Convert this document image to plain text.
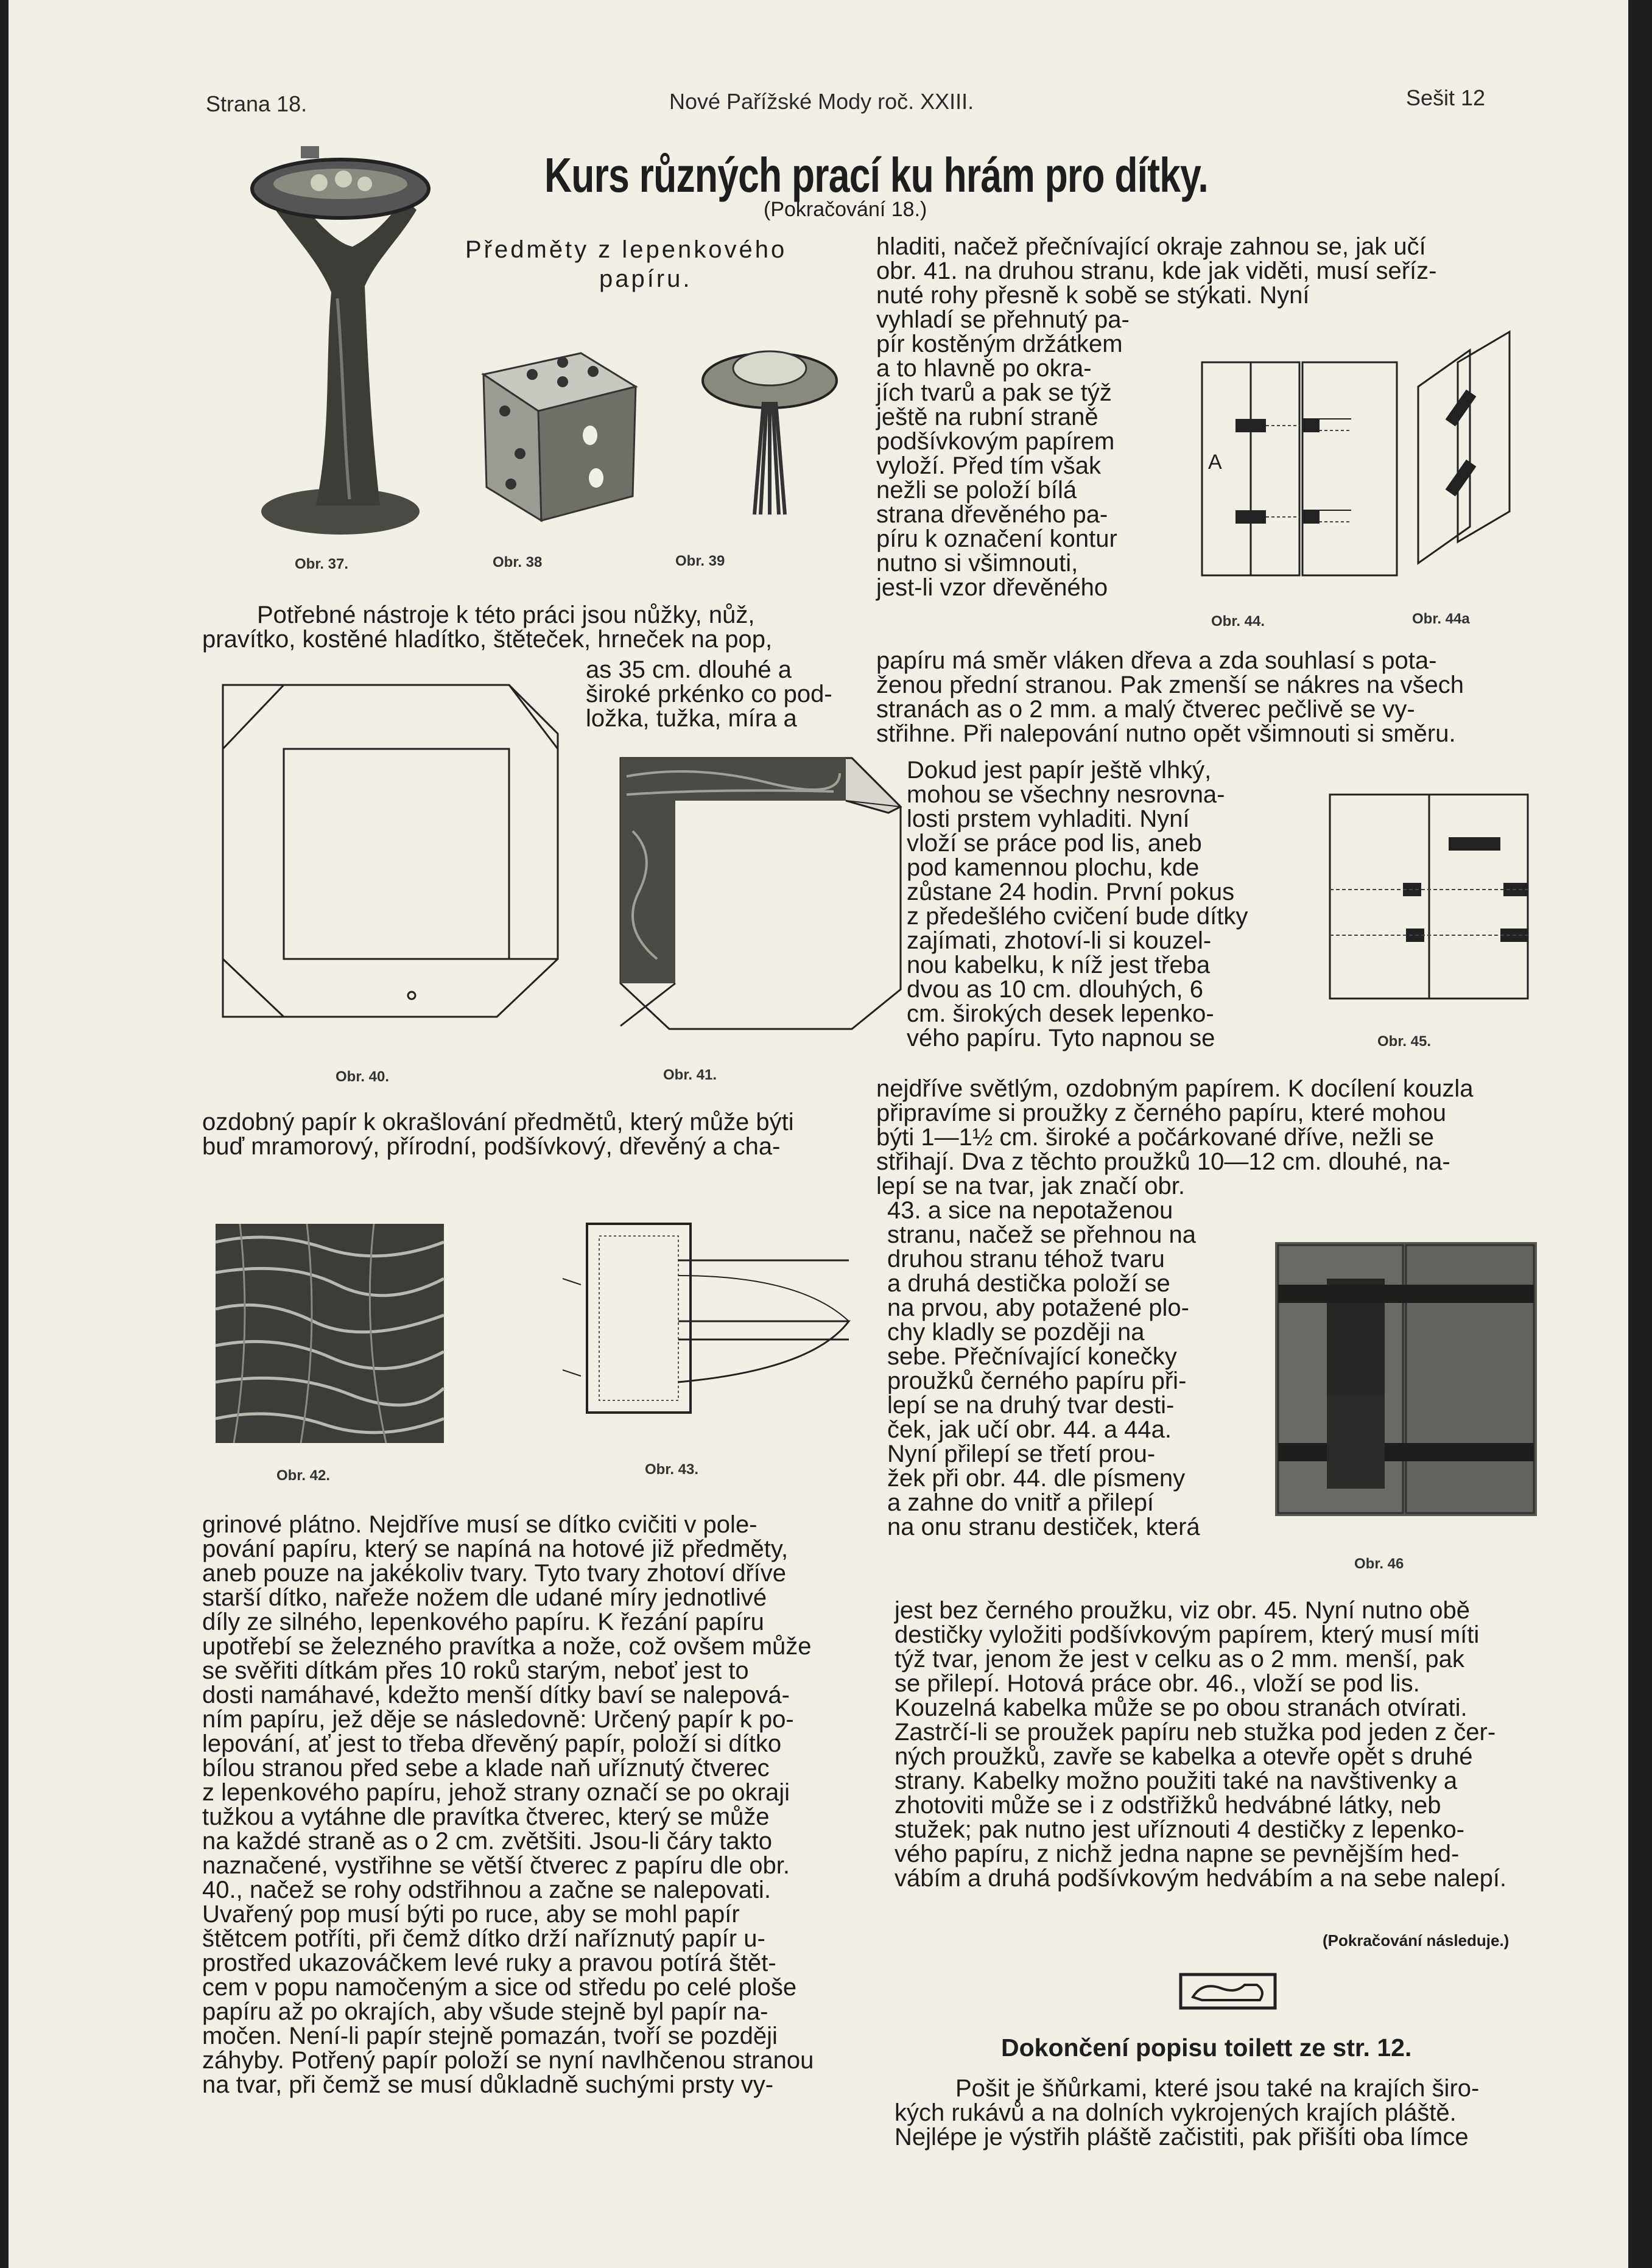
Strana 18.	Nové Pařížské Mody roč. XXIII.	Sešit 12
Kurs různých prací ku hrám pro dítky.
(Pokračování 18.)
Předměty z lepenkového
papíru.
Obr. 37.	Obr. 38	Obr. 39
Potřebné nástroje k této práci jsou nůžky, nůž,
pravítko, kostěné hladítko, štěteček, hrneček na pop,
as 35 cm. dlouhé a
široké prkénko co pod-
ložka, tužka, míra a
Obr. 40.	Obr. 41.
ozdobný papír k okrašlování předmětů, který může býti
buď mramorový, přírodní, podšívkový, dřevěný a cha-
Obr. 42.	Obr. 43.
grinové plátno. Nejdříve musí se dítko cvičiti v pole-
pování papíru, který se napíná na hotové již předměty,
aneb pouze na jakékoliv tvary. Tyto tvary zhotoví dříve
starší dítko, nařeže nožem dle udané míry jednotlivé
díly ze silného, lepenkového papíru. K řezání papíru
upotřebí se železného pravítka a nože, což ovšem může
se svěřiti dítkám přes 10 roků starým, neboť jest to
dosti namáhavé, kdežto menší dítky baví se nalepová-
ním papíru, jež děje se následovně: Určený papír k po-
lepování, ať jest to třeba dřevěný papír, položí si dítko
bílou stranou před sebe a klade naň uříznutý čtverec
z lepenkového papíru, jehož strany označí se po okraji
tužkou a vytáhne dle pravítka čtverec, který se může
na každé straně as o 2 cm. zvětšiti. Jsou-li čáry takto
naznačené, vystřihne se větší čtverec z papíru dle obr.
40., načež se rohy odstřihnou a začne se nalepovati.
Uvařený pop musí býti po ruce, aby se mohl papír
štětcem potříti, při čemž dítko drží naříznutý papír u-
prostřed ukazováčkem levé ruky a pravou potírá štět-
cem v popu namočeným a sice od středu po celé ploše
papíru až po okrajích, aby všude stejně byl papír na-
močen. Není-li papír stejně pomazán, tvoří se později
záhyby. Potřený papír položí se nyní navlhčenou stranou
na tvar, při čemž se musí důkladně suchými prsty vy-
hladiti, načež přečnívající okraje zahnou se, jak učí
obr. 41. na druhou stranu, kde jak viděti, musí seříz-
nuté rohy přesně k sobě se stýkati. Nyní
vyhladí se přehnutý pa-
pír kostěným držátkem
a to hlavně po okra-
jích tvarů a pak se týž
ještě na rubní straně
podšívkovým papírem
vyloží. Před tím však
nežli se položí bílá
strana dřevěného pa-
píru k označení kontur
nutno si všimnouti,
jest-li vzor dřevěného
A
Obr. 44.	Obr. 44a
papíru má směr vláken dřeva a zda souhlasí s pota-
ženou přední stranou. Pak zmenší se nákres na všech
stranách as o 2 mm. a malý čtverec pečlivě se vy-
střihne. Při nalepování nutno opět všimnouti si směru.
Dokud jest papír ještě vlhký,
mohou se všechny nesrovna-
losti prstem vyhladiti. Nyní
vloží se práce pod lis, aneb
pod kamennou plochu, kde
zůstane 24 hodin. První pokus
z předešlého cvičení bude dítky
zajímati, zhotoví-li si kouzel-
nou kabelku, k níž jest třeba
dvou as 10 cm. dlouhých, 6
cm. širokých desek lepenko-
vého papíru. Tyto napnou se	Obr. 45.
nejdříve světlým, ozdobným papírem. K docílení kouzla
připravíme si proužky z černého papíru, které mohou
býti 1—1½ cm. široké a počárkované dříve, nežli se
střihají. Dva z těchto proužků 10—12 cm. dlouhé, na-
lepí se na tvar, jak značí obr.
43. a sice na nepotaženou
stranu, načež se přehnou na
druhou stranu téhož tvaru
a druhá destička položí se
na prvou, aby potažené plo-
chy kladly se později na
sebe. Přečnívající konečky
proužků černého papíru při-
lepí se na druhý tvar desti-
ček, jak učí obr. 44. a 44a.
Nyní přilepí se třetí prou-
žek při obr. 44. dle písmeny
a zahne do vnitř a přilepí
na onu stranu destiček, která
Obr. 46
jest bez černého proužku, viz obr. 45. Nyní nutno obě
destičky vyložiti podšívkovým papírem, který musí míti
týž tvar, jenom že jest v celku as o 2 mm. menší, pak
se přilepí. Hotová práce obr. 46., vloží se pod lis.
Kouzelná kabelka může se po obou stranách otvírati.
Zastrčí-li se proužek papíru neb stužka pod jeden z čer-
ných proužků, zavře se kabelka a otevře opět s druhé
strany. Kabelky možno použiti také na navštivenky a
zhotoviti může se i z odstřižků hedvábné látky, neb
stužek; pak nutno jest uříznouti 4 destičky z lepenko-
vého papíru, z nichž jedna napne se pevnějším hed-
vábím a druhá podšívkovým hedvábím a na sebe nalepí.
(Pokračování následuje.)
Dokončení popisu toilett ze str. 12.
Pošit je šňůrkami, které jsou také na krajích širo-
kých rukávů a na dolních vykrojených krajích pláště.
Nejlépe je výstřih pláště začistiti, pak přišíti oba límce
